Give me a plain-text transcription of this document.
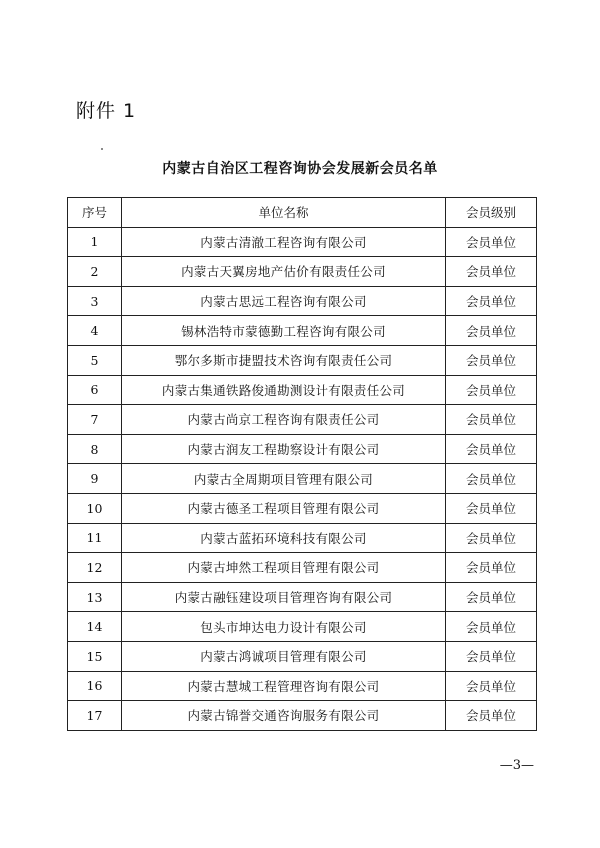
附件 1
内蒙古自治区工程咨询协会发展新会员名单
序号	单位名称	会员级别
1	内蒙古清澈工程咨询有限公司	会员单位
2	内蒙古天翼房地产估价有限责任公司	会员单位
3	内蒙古思远工程咨询有限公司	会员单位
4	锡林浩特市蒙德勤工程咨询有限公司	会员单位
5	鄂尔多斯市捷盟技术咨询有限责任公司	会员单位
6	内蒙古集通铁路俊通勘测设计有限责任公司	会员单位
7	内蒙古尚京工程咨询有限责任公司	会员单位
8	内蒙古润友工程勘察设计有限公司	会员单位
9	内蒙古全周期项目管理有限公司	会员单位
10	内蒙古德圣工程项目管理有限公司	会员单位
11	内蒙古蓝拓环境科技有限公司	会员单位
12	内蒙古坤然工程项目管理有限公司	会员单位
13	内蒙古融钰建设项目管理咨询有限公司	会员单位
14	包头市坤达电力设计有限公司	会员单位
15	内蒙古鸿诚项目管理有限公司	会员单位
16	内蒙古慧城工程管理咨询有限公司	会员单位
17	内蒙古锦誉交通咨询服务有限公司	会员单位
—3—
